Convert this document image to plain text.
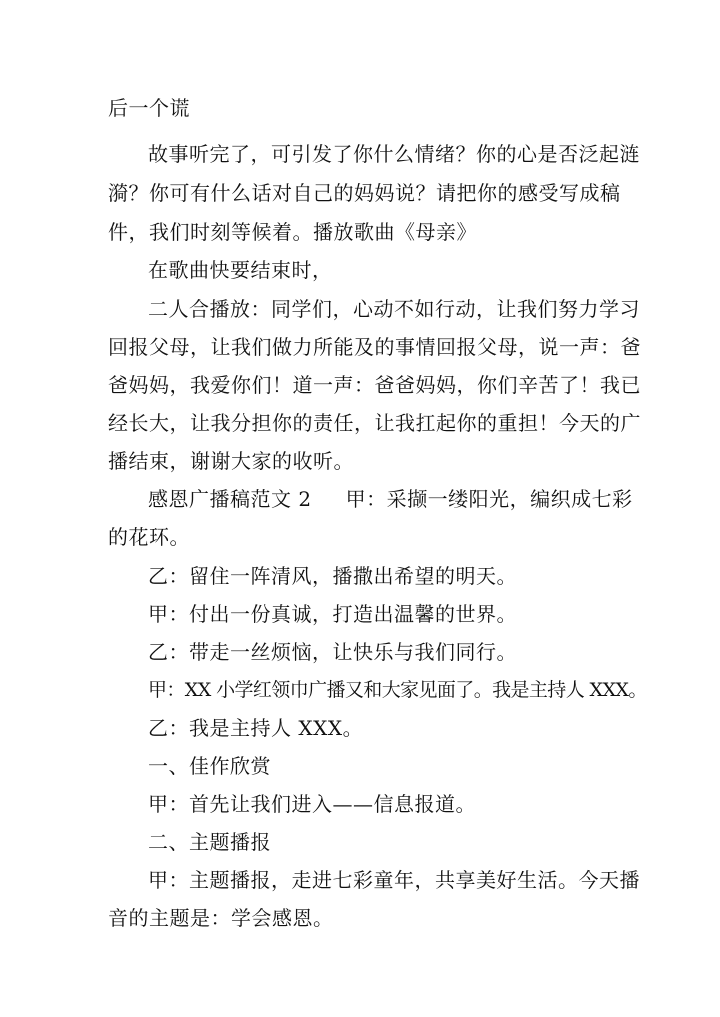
后一个谎
故事听完了，可引发了你什么情绪？你的心是否泛起涟
漪？你可有什么话对自己的妈妈说？请把你的感受写成稿
件，我们时刻等候着。播放歌曲《母亲》
在歌曲快要结束时，
二人合播放：同学们，心动不如行动，让我们努力学习
回报父母，让我们做力所能及的事情回报父母，说一声：爸
爸妈妈，我爱你们！道一声：爸爸妈妈，你们辛苦了！我已
经长大，让我分担你的责任，让我扛起你的重担！今天的广
播结束，谢谢大家的收听。
感恩广播稿范文 2 甲：采撷一缕阳光，编织成七彩
的花环。
乙：留住一阵清风，播撒出希望的明天。
甲：付出一份真诚，打造出温馨的世界。
乙：带走一丝烦恼，让快乐与我们同行。
甲：XX 小学红领巾广播又和大家见面了。我是主持人 XXX。
乙：我是主持人 XXX。
一、佳作欣赏
甲：首先让我们进入——信息报道。
二、主题播报
甲：主题播报，走进七彩童年，共享美好生活。今天播
音的主题是：学会感恩。
